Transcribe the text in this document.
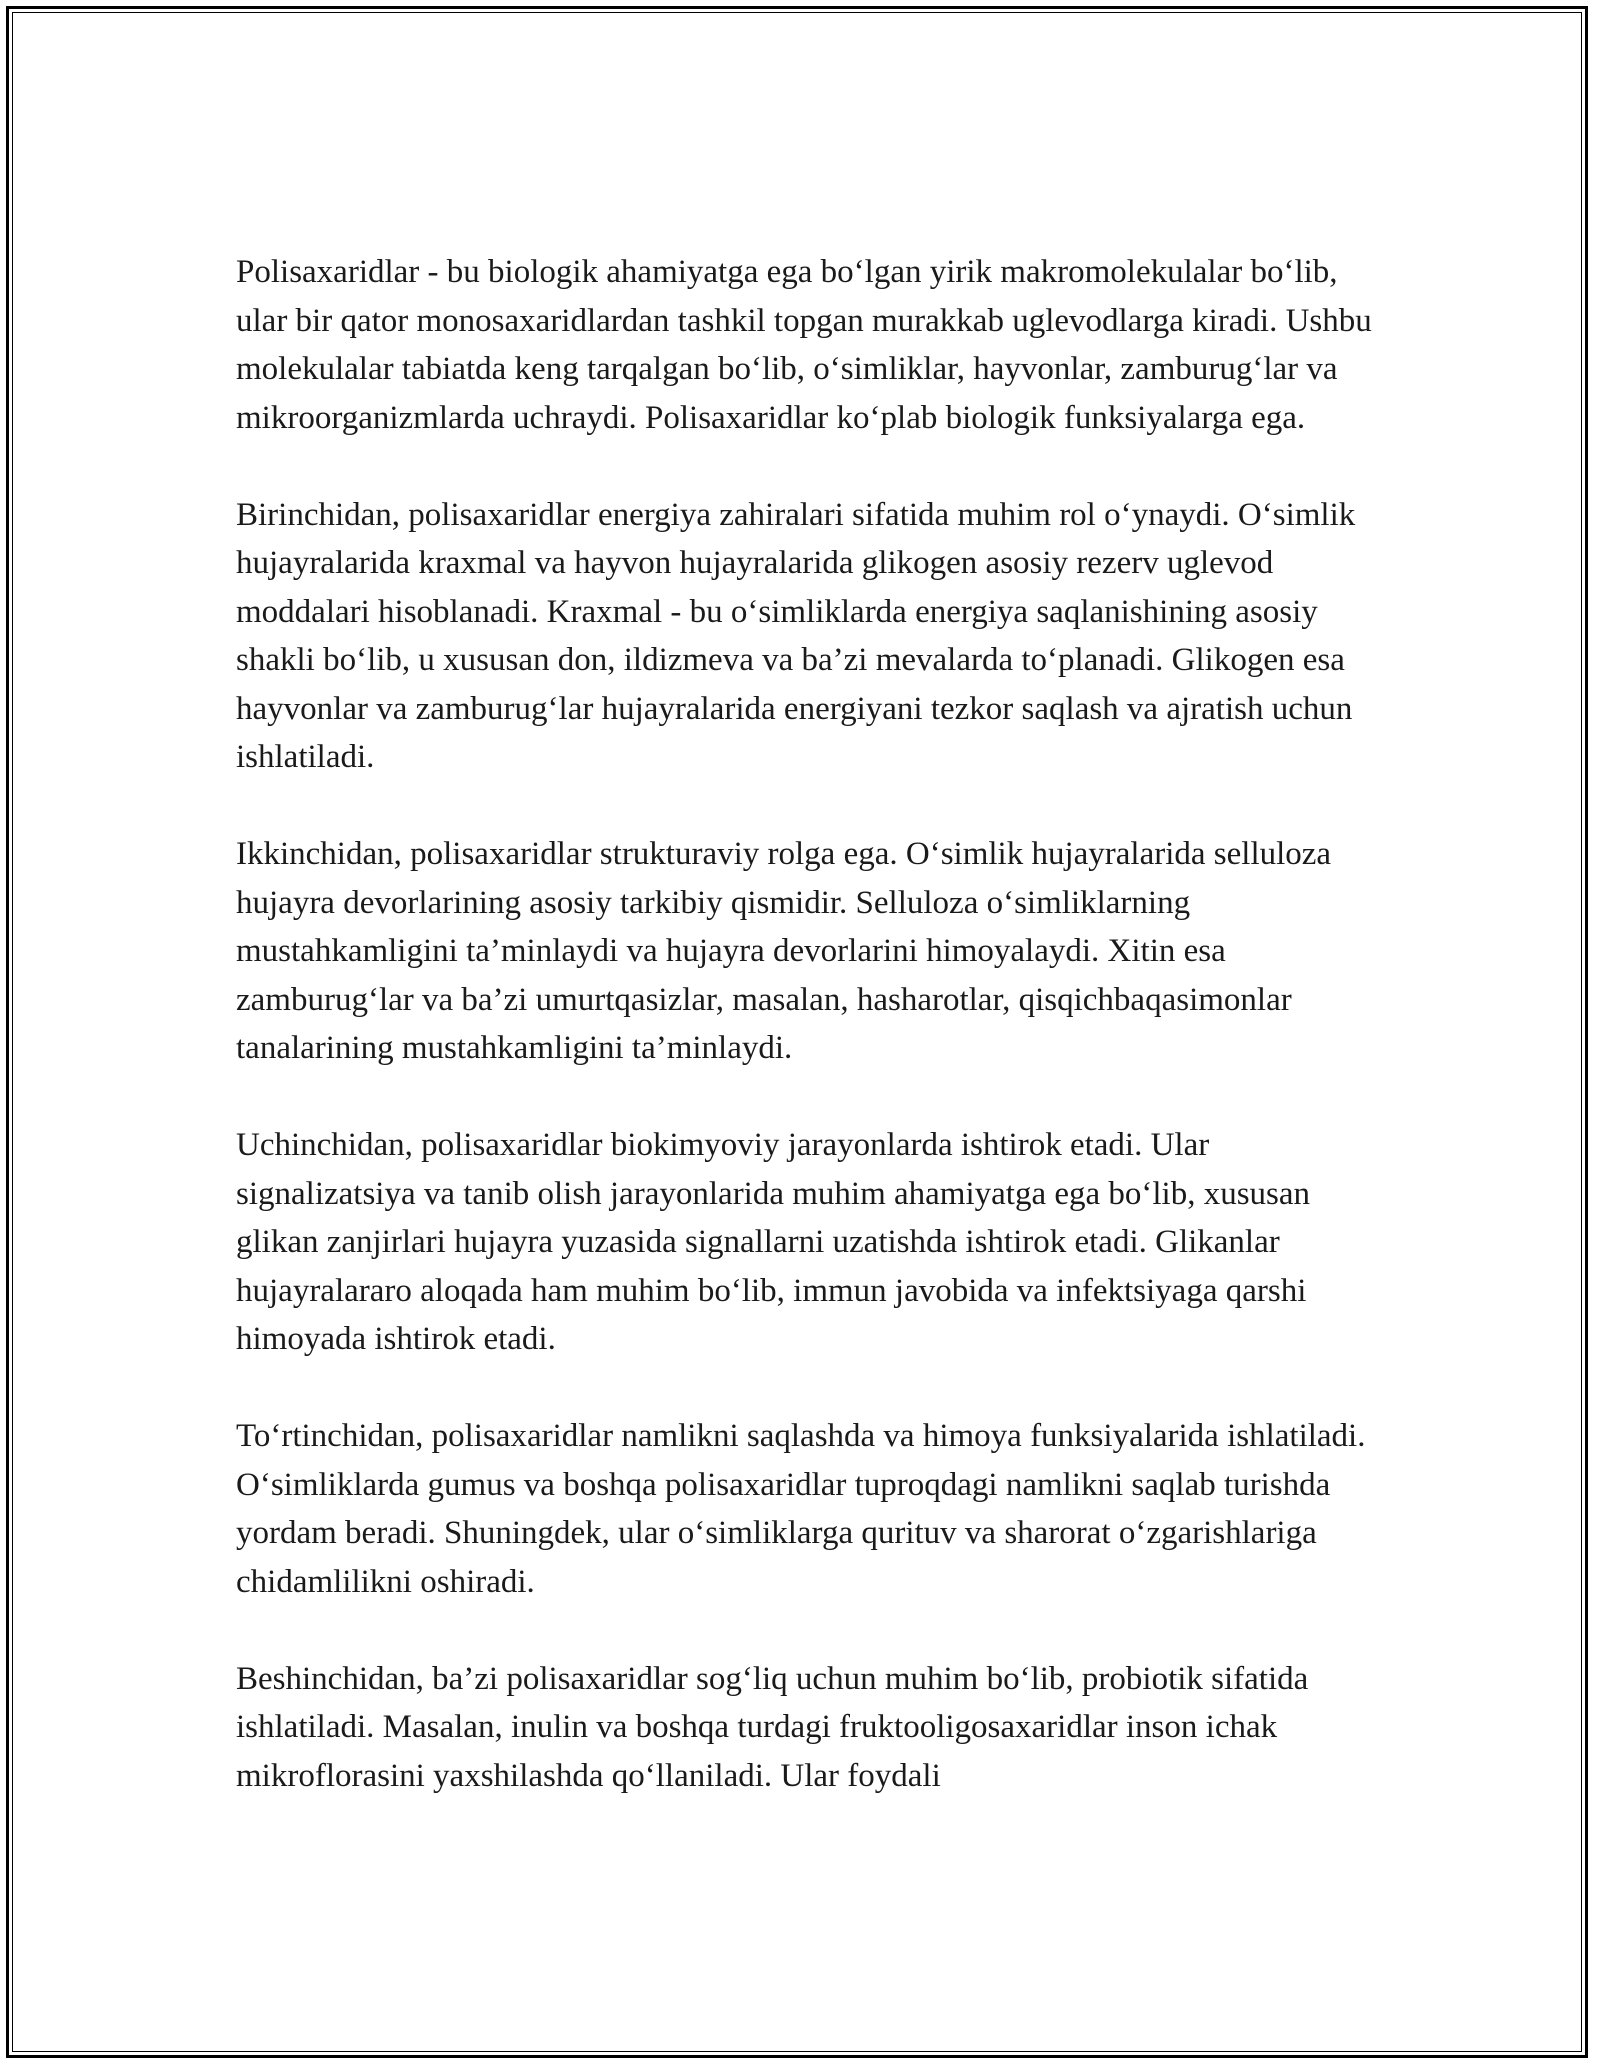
Polisaxaridlar - bu biologik ahamiyatga ega bo‘lgan yirik makromolekulalar bo‘lib, ular bir qator monosaxaridlardan tashkil topgan murakkab uglevodlarga kiradi. Ushbu molekulalar tabiatda keng tarqalgan bo‘lib, o‘simliklar, hayvonlar, zamburug‘lar va mikroorganizmlarda uchraydi. Polisaxaridlar ko‘plab biologik funksiyalarga ega.

Birinchidan, polisaxaridlar energiya zahiralari sifatida muhim rol o‘ynaydi. O‘simlik hujayralarida kraxmal va hayvon hujayralarida glikogen asosiy rezerv uglevod moddalari hisoblanadi. Kraxmal - bu o‘simliklarda energiya saqlanishining asosiy shakli bo‘lib, u xususan don, ildizmeva va ba’zi mevalarda to‘planadi. Glikogen esa hayvonlar va zamburug‘lar hujayralarida energiyani tezkor saqlash va ajratish uchun ishlatiladi.

Ikkinchidan, polisaxaridlar strukturaviy rolga ega. O‘simlik hujayralarida selluloza hujayra devorlarining asosiy tarkibiy qismidir. Selluloza o‘simliklarning mustahkamligini ta’minlaydi va hujayra devorlarini himoyalaydi. Xitin esa zamburug‘lar va ba’zi umurtqasizlar, masalan, hasharotlar, qisqichbaqasimonlar tanalarining mustahkamligini ta’minlaydi.

Uchinchidan, polisaxaridlar biokimyoviy jarayonlarda ishtirok etadi. Ular signalizatsiya va tanib olish jarayonlarida muhim ahamiyatga ega bo‘lib, xususan glikan zanjirlari hujayra yuzasida signallarni uzatishda ishtirok etadi. Glikanlar hujayralararo aloqada ham muhim bo‘lib, immun javobida va infektsiyaga qarshi himoyada ishtirok etadi.

To‘rtinchidan, polisaxaridlar namlikni saqlashda va himoya funksiyalarida ishlatiladi. O‘simliklarda gumus va boshqa polisaxaridlar tuproqdagi namlikni saqlab turishda yordam beradi. Shuningdek, ular o‘simliklarga qurituv va sharorat o‘zgarishlariga chidamlilikni oshiradi.

Beshinchidan, ba’zi polisaxaridlar sog‘liq uchun muhim bo‘lib, probiotik sifatida ishlatiladi. Masalan, inulin va boshqa turdagi fruktooligosaxaridlar inson ichak mikroflorasini yaxshilashda qo‘llaniladi. Ular foydali
